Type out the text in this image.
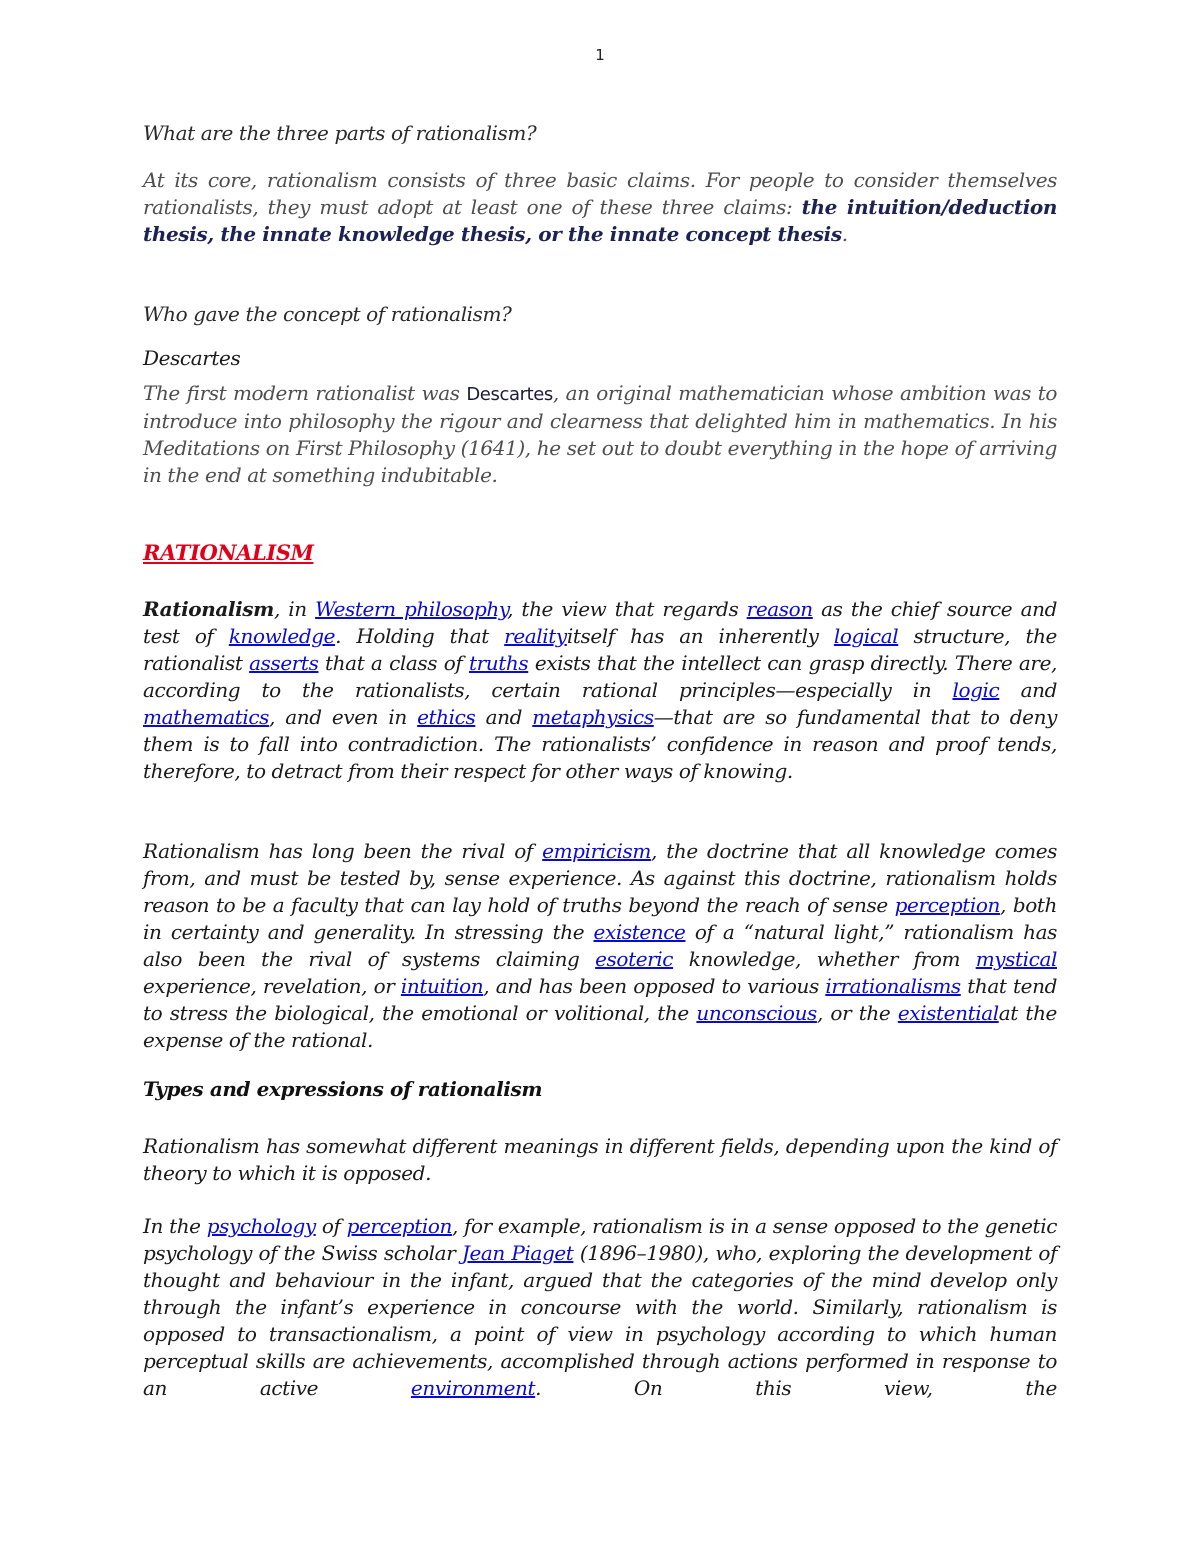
1

What are the three parts of rationalism?

At its core, rationalism consists of three basic claims. For people to consider themselves rationalists, they must adopt at least one of these three claims: the intuition/deduction thesis, the innate knowledge thesis, or the innate concept thesis.

Who gave the concept of rationalism?

Descartes

The first modern rationalist was Descartes, an original mathematician whose ambition was to introduce into philosophy the rigour and clearness that delighted him in mathematics. In his Meditations on First Philosophy (1641), he set out to doubt everything in the hope of arriving in the end at something indubitable.

RATIONALISM

Rationalism, in Western philosophy, the view that regards reason as the chief source and test of knowledge. Holding that realityitself has an inherently logical structure, the rationalist asserts that a class of truths exists that the intellect can grasp directly. There are, according to the rationalists, certain rational principles—especially in logic and mathematics, and even in ethics and metaphysics—that are so fundamental that to deny them is to fall into contradiction. The rationalists’ confidence in reason and proof tends, therefore, to detract from their respect for other ways of knowing.

Rationalism has long been the rival of empiricism, the doctrine that all knowledge comes from, and must be tested by, sense experience. As against this doctrine, rationalism holds reason to be a faculty that can lay hold of truths beyond the reach of sense perception, both in certainty and generality. In stressing the existence of a “natural light,” rationalism has also been the rival of systems claiming esoteric knowledge, whether from mystical experience, revelation, or intuition, and has been opposed to various irrationalisms that tend to stress the biological, the emotional or volitional, the unconscious, or the existentialat the expense of the rational.

Types and expressions of rationalism

Rationalism has somewhat different meanings in different fields, depending upon the kind of theory to which it is opposed.

In the psychology of perception, for example, rationalism is in a sense opposed to the genetic psychology of the Swiss scholar Jean Piaget (1896–1980), who, exploring the development of thought and behaviour in the infant, argued that the categories of the mind develop only through the infant’s experience in concourse with the world. Similarly, rationalism is opposed to transactionalism, a point of view in psychology according to which human perceptual skills are achievements, accomplished through actions performed in response to an active environment. On this view, the
